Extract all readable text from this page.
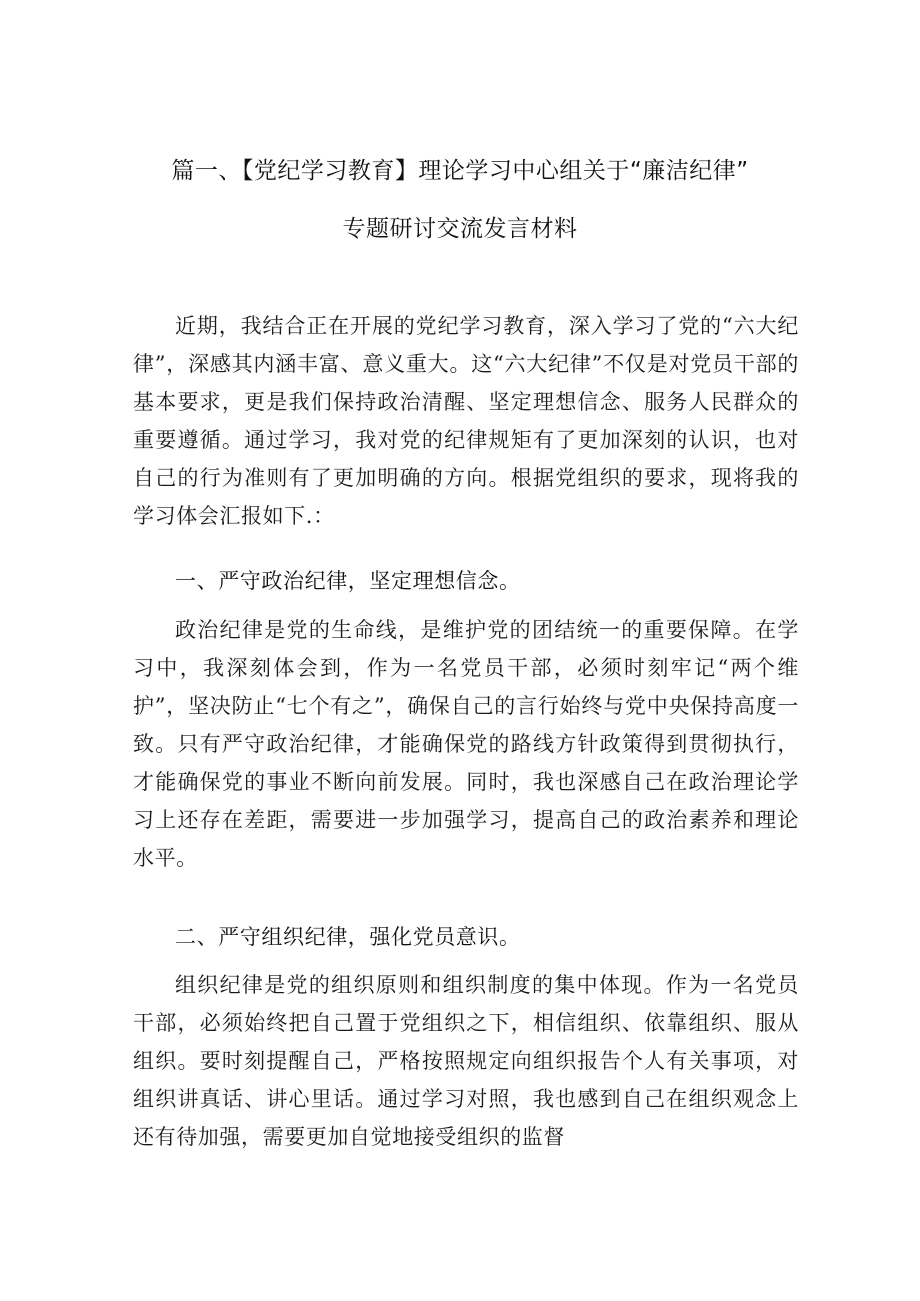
篇一、【党纪学习教育】理论学习中心组关于“廉洁纪律”
专题研讨交流发言材料

近期，我结合正在开展的党纪学习教育，深入学习了党的“六大纪律”，深感其内涵丰富、意义重大。这“六大纪律”不仅是对党员干部的基本要求，更是我们保持政治清醒、坚定理想信念、服务人民群众的重要遵循。通过学习，我对党的纪律规矩有了更加深刻的认识，也对自己的行为准则有了更加明确的方向。根据党组织的要求，现将我的学习体会汇报如下.：

一、严守政治纪律，坚定理想信念。

政治纪律是党的生命线，是维护党的团结统一的重要保障。在学习中，我深刻体会到，作为一名党员干部，必须时刻牢记“两个维护”，坚决防止“七个有之”，确保自己的言行始终与党中央保持高度一致。只有严守政治纪律，才能确保党的路线方针政策得到贯彻执行，才能确保党的事业不断向前发展。同时，我也深感自己在政治理论学习上还存在差距，需要进一步加强学习，提高自己的政治素养和理论水平。

二、严守组织纪律，强化党员意识。

组织纪律是党的组织原则和组织制度的集中体现。作为一名党员干部，必须始终把自己置于党组织之下，相信组织、依靠组织、服从组织。要时刻提醒自己，严格按照规定向组织报告个人有关事项，对组织讲真话、讲心里话。通过学习对照，我也感到自己在组织观念上还有待加强，需要更加自觉地接受组织的监督
